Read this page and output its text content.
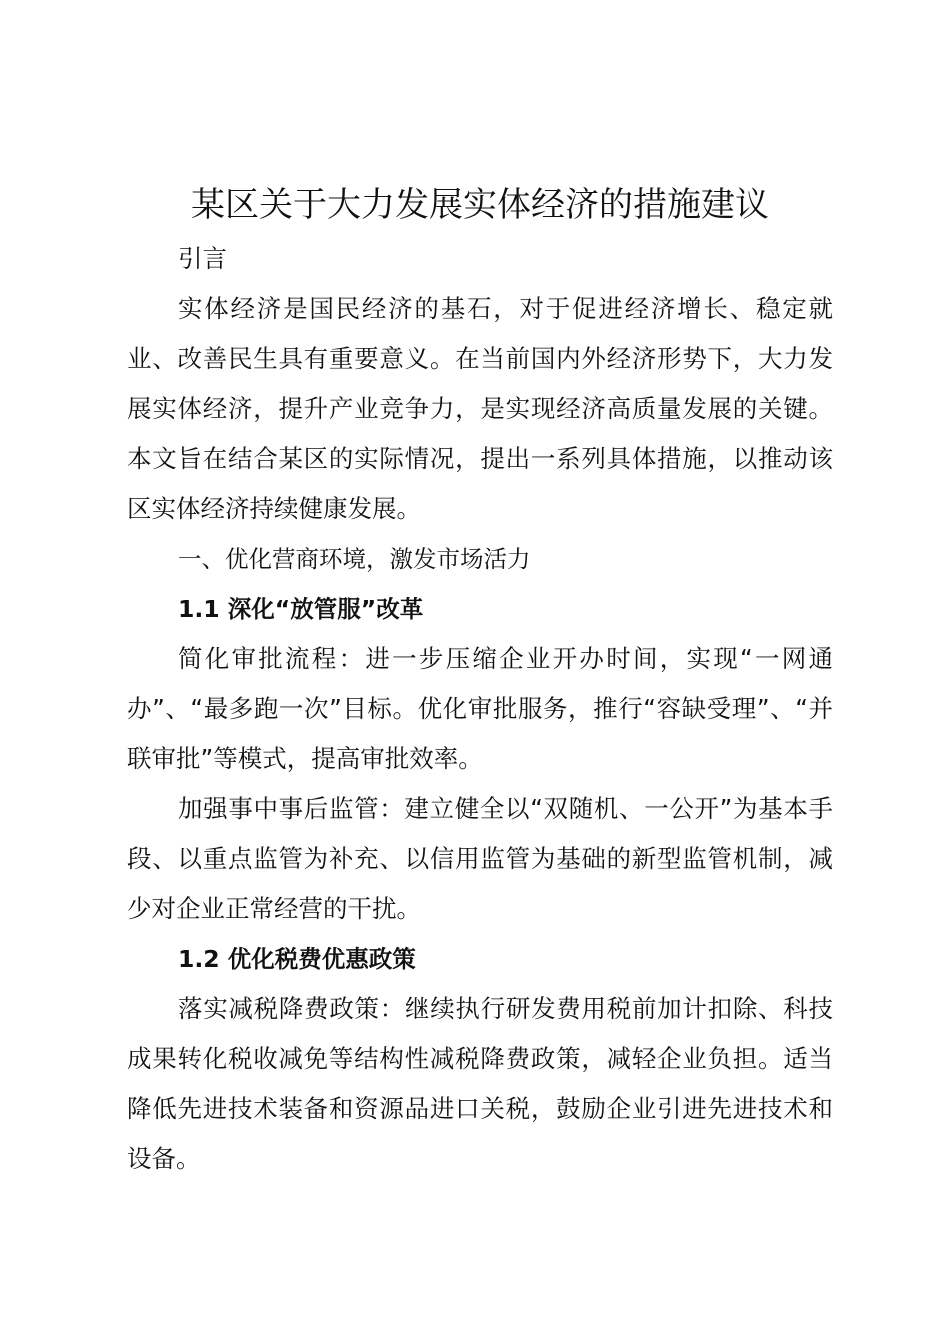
某区关于大力发展实体经济的措施建议

引言

实体经济是国民经济的基石，对于促进经济增长、稳定就业、改善民生具有重要意义。在当前国内外经济形势下，大力发展实体经济，提升产业竞争力，是实现经济高质量发展的关键。本文旨在结合某区的实际情况，提出一系列具体措施，以推动该区实体经济持续健康发展。

一、优化营商环境，激发市场活力

1.1 深化“放管服”改革

简化审批流程：进一步压缩企业开办时间，实现“一网通办”、“最多跑一次”目标。优化审批服务，推行“容缺受理”、“并联审批”等模式，提高审批效率。

加强事中事后监管：建立健全以“双随机、一公开”为基本手段、以重点监管为补充、以信用监管为基础的新型监管机制，减少对企业正常经营的干扰。

1.2 优化税费优惠政策

落实减税降费政策：继续执行研发费用税前加计扣除、科技成果转化税收减免等结构性减税降费政策，减轻企业负担。适当降低先进技术装备和资源品进口关税，鼓励企业引进先进技术和设备。
